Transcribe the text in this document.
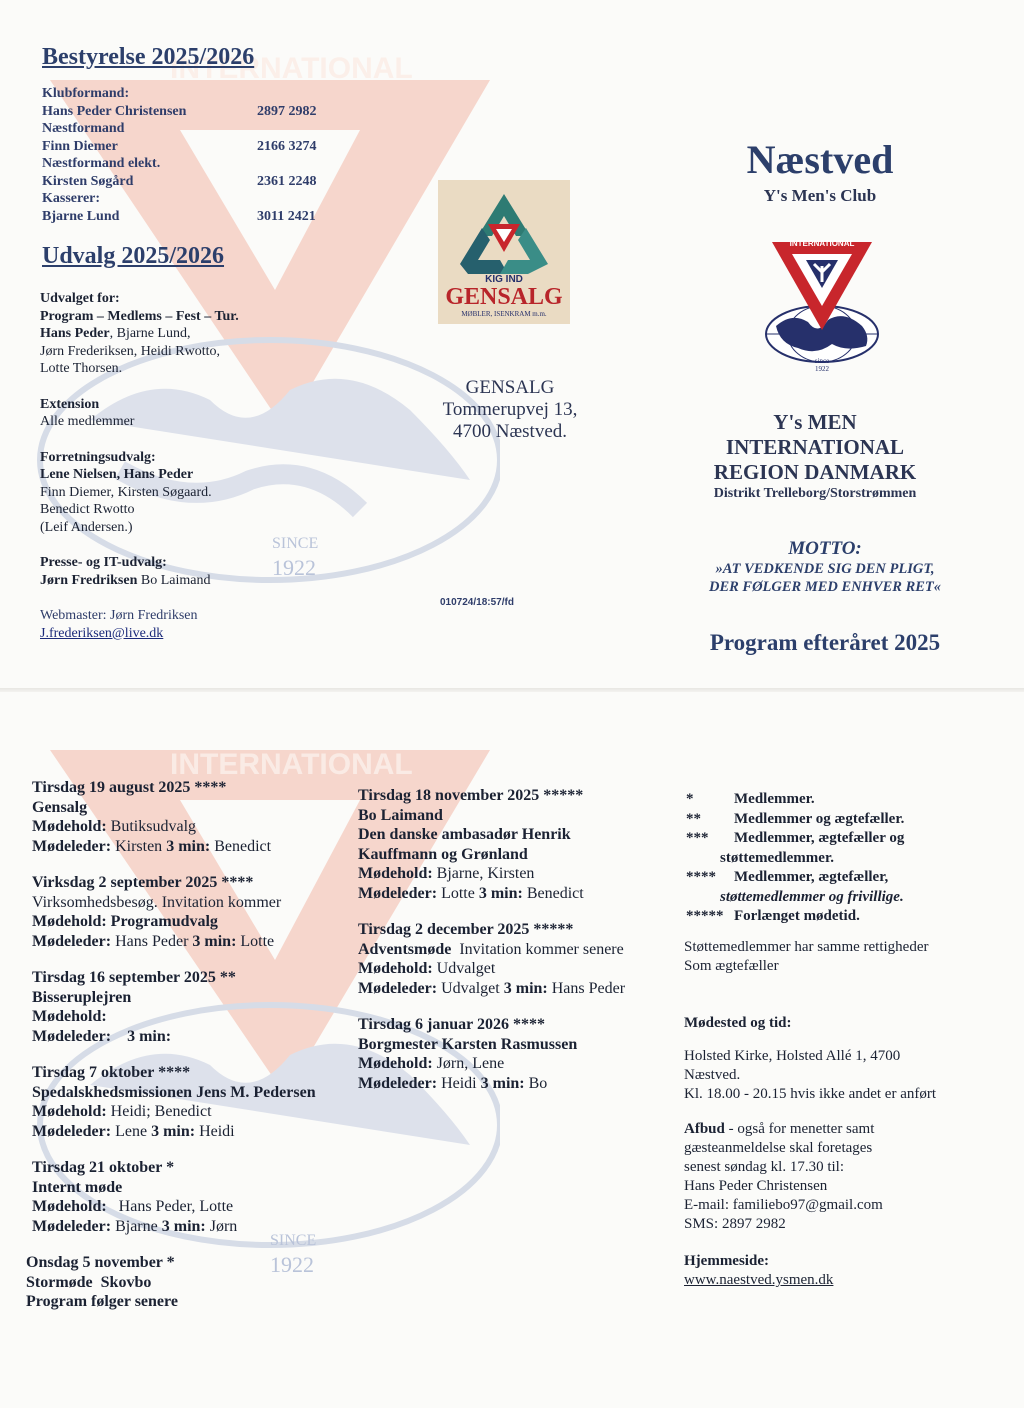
INTERNATIONAL
SINCE
1922
INTERNATIONAL
SINCE
1922
Bestyrelse 2025/2026
Klubformand:
Hans Peder Christensen	2897 2982
Næstformand
Finn Diemer	2166 3274
Næstformand elekt.
Kirsten Søgård	2361 2248
Kasserer:
Bjarne Lund	3011 2421
Udvalg 2025/2026
Udvalget for:
Program – Medlems – Fest – Tur.
Hans Peder, Bjarne Lund,
Jørn Frederiksen, Heidi Rwotto,
Lotte Thorsen.
Extension
Alle medlemmer
Forretningsudvalg:
Lene Nielsen, Hans Peder
Finn Diemer, Kirsten Søgaard.
Benedict Rwotto
(Leif Andersen.)
Presse- og IT-udvalg:
Jørn Fredriksen Bo Laimand
Webmaster: Jørn Fredriksen
J.frederiksen@live.dk
KIG IND
GENSALG
MØBLER, ISENKRAM m.m.
GENSALG
Tommerupvej 13,
4700 Næstved.
010724/18:57/fd
Næstved
Y's Men's Club
INTERNATIONAL
since
1922
Y's MEN
INTERNATIONAL
REGION DANMARK
Distrikt Trelleborg/Storstrømmen
MOTTO:
»AT VEDKENDE SIG DEN PLIGT,
DER FØLGER MED ENHVER RET«
Program efteråret 2025
Tirsdag 19 august 2025 ****
Gensalg
Mødehold: Butiksudvalg
Mødeleder: Kirsten 3 min: Benedict
Virksdag 2 september 2025 ****
Virksomhedsbesøg. Invitation kommer
Mødehold: Programudvalg
Mødeleder: Hans Peder 3 min: Lotte
Tirsdag 16 september 2025 **
Bisseruplejren
Mødehold:
Mødeleder: 3 min:
Tirsdag 7 oktober ****
Spedalskhedsmissionen Jens M. Pedersen
Mødehold: Heidi; Benedict
Mødeleder: Lene 3 min: Heidi
Tirsdag 21 oktober *
Internt møde
Mødehold:   Hans Peder, Lotte
Mødeleder: Bjarne 3 min: Jørn
Onsdag 5 november *
Stormøde  Skovbo
Program følger senere
Tirsdag 18 november 2025 *****
Bo Laimand
Den danske ambasadør Henrik
Kauffmann og Grønland
Mødehold: Bjarne, Kirsten
Mødeleder: Lotte 3 min: Benedict
Tirsdag 2 december 2025 *****
Adventsmøde  Invitation kommer senere
Mødehold: Udvalget
Mødeleder: Udvalget 3 min: Hans Peder
Tirsdag 6 januar 2026 ****
Borgmester Karsten Rasmussen
Mødehold: Jørn, Lene
Mødeleder: Heidi 3 min: Bo
*	Medlemmer.
**	Medlemmer og ægtefæller.
***	Medlemmer, ægtefæller og
støttemedlemmer.
****	Medlemmer, ægtefæller,
støttemedlemmer og frivillige.
***** Forlænget mødetid.
Støttemedlemmer har samme rettigheder
Som ægtefæller
Mødested og tid:
Holsted Kirke, Holsted Allé 1, 4700
Næstved.
Kl. 18.00 - 20.15 hvis ikke andet er anført
Afbud - også for menetter samt
gæsteanmeldelse skal foretages
senest søndag kl. 17.30 til:
Hans Peder Christensen
E-mail: familiebo97@gmail.com
SMS: 2897 2982
Hjemmeside:
www.naestved.ysmen.dk
